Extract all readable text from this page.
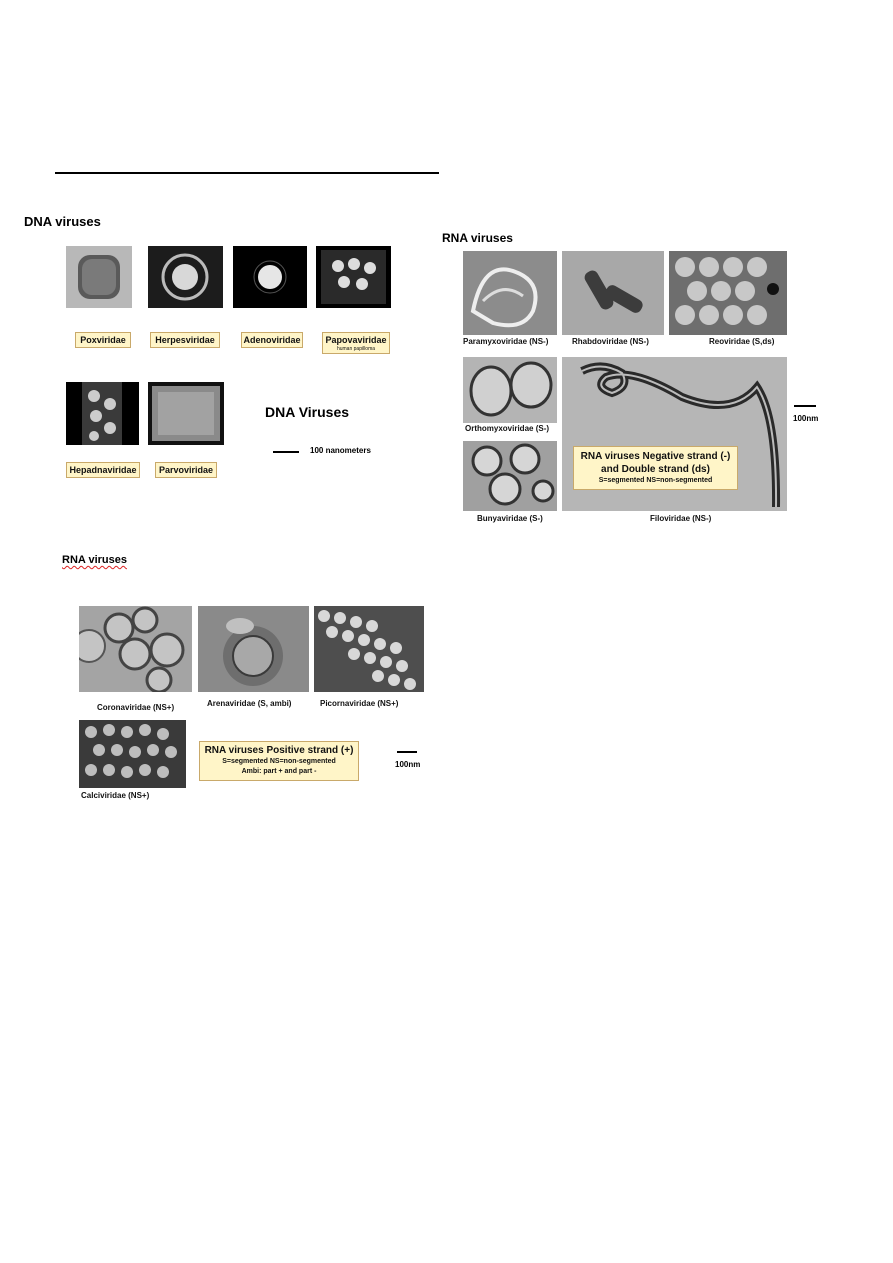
DNA viruses
Poxviridae	Herpesviridae	Adenoviridae	Papovaviridae
human papilloma
DNA Viruses
100 nanometers
Hepadnaviridae	Parvoviridae
RNA viruses
Paramyxoviridae (NS-)	Rhabdoviridae (NS-)	Reoviridae (S,ds)
Orthomyxoviridae (S-)
Bunyaviridae (S-)
100nm
RNA viruses Negative strand (-)
and Double strand (ds)
S=segmented NS=non-segmented
Filoviridae (NS-)
RNA viruses
Coronaviridae (NS+)	Arenaviridae (S, ambi)	Picornaviridae (NS+)
Calciviridae (NS+)
RNA viruses Positive strand (+)
S=segmented NS=non-segmented
Ambi: part + and part -
100nm
